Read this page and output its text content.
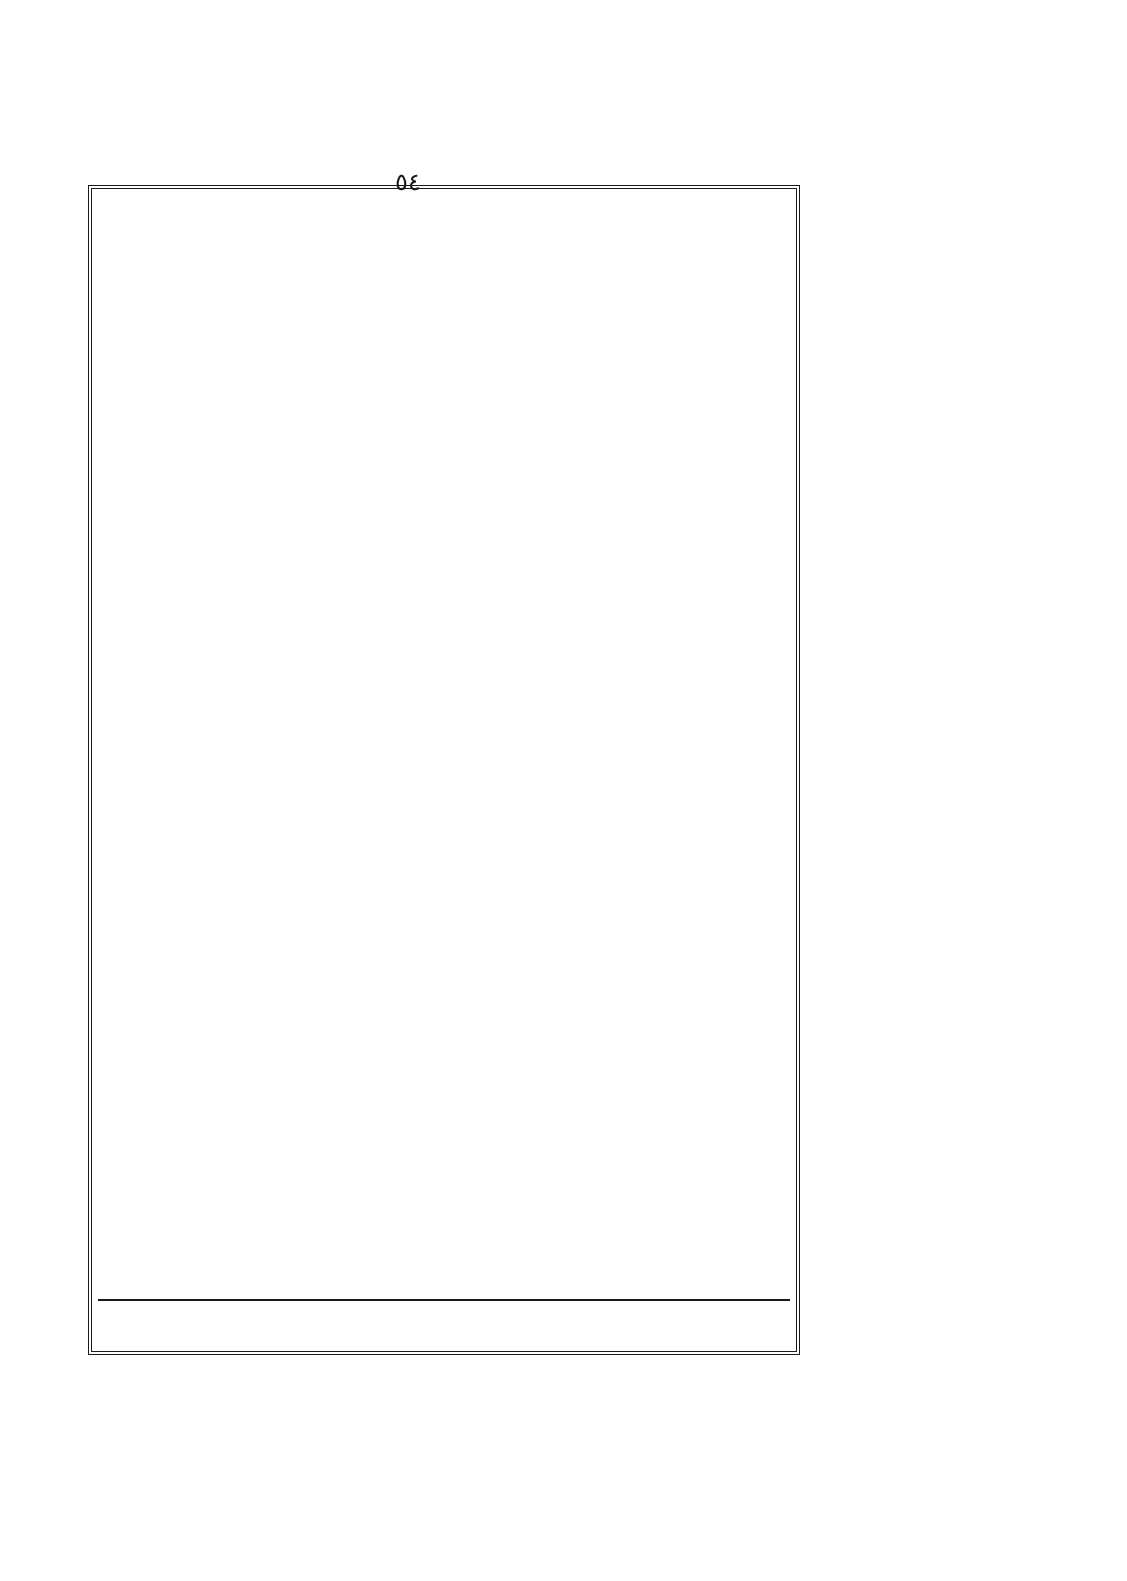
٥٤
